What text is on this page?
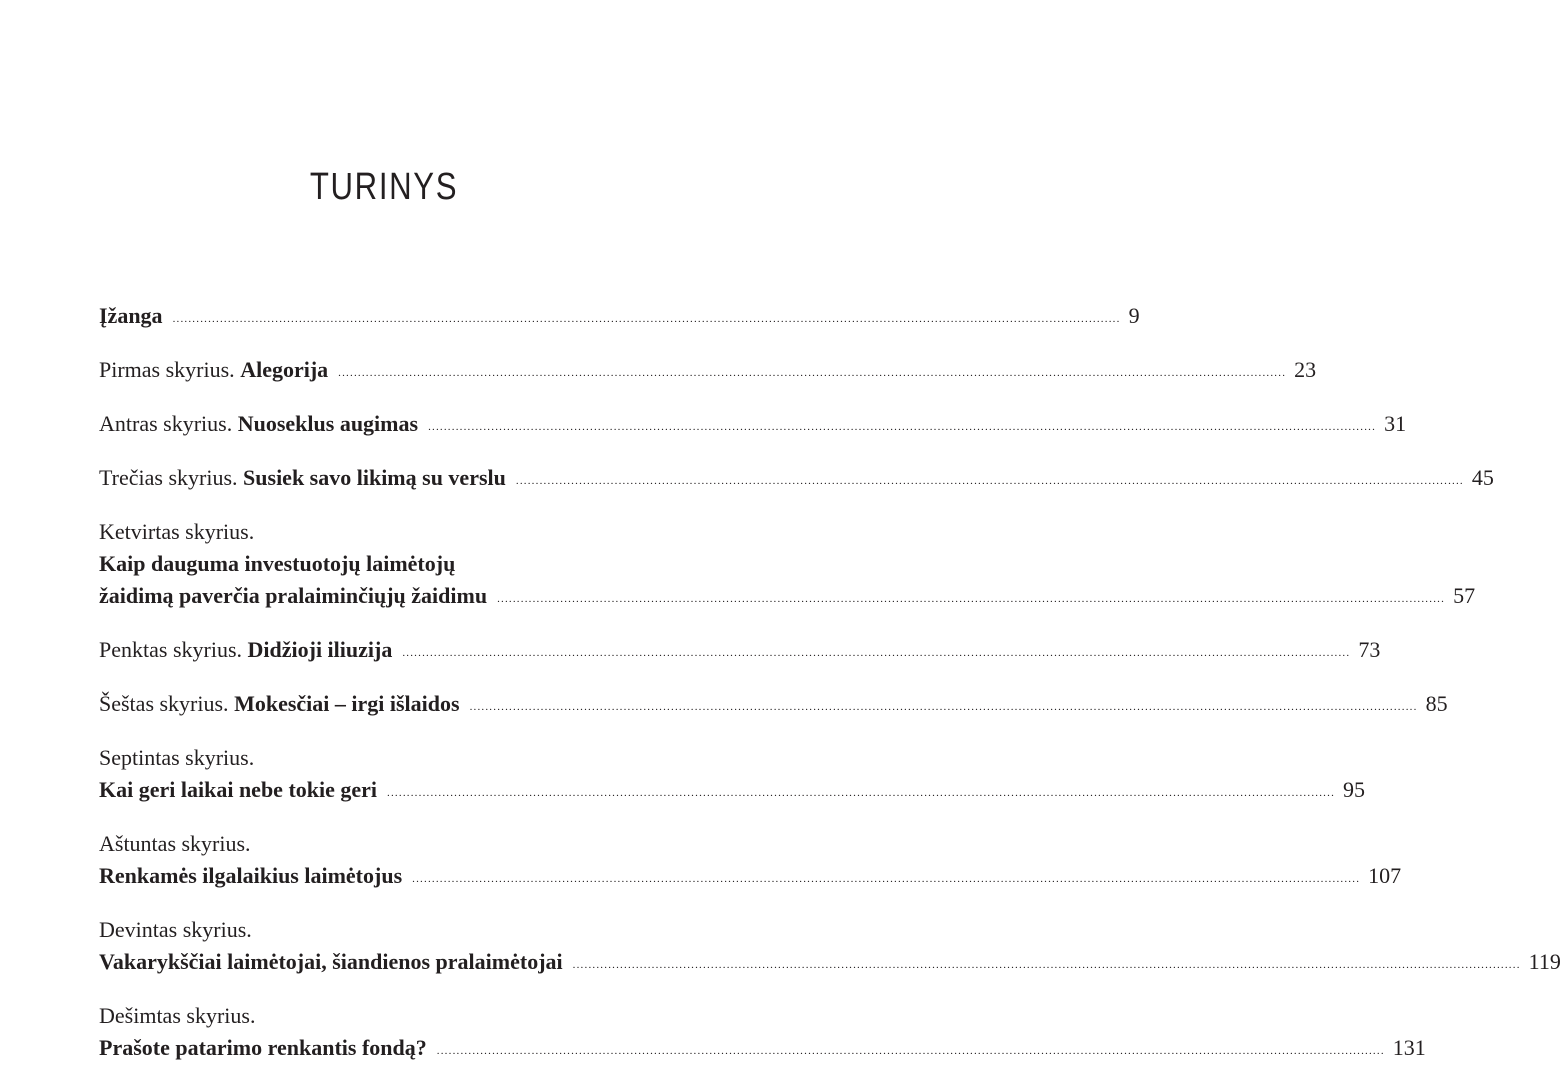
TURINYS
Įžanga ................................................................................................................................................................................................................................................ 9
Pirmas skyrius. Alegorija ................................................................................................................................................................................................................................................ 23
Antras skyrius. Nuoseklus augimas ................................................................................................................................................................................................................................................ 31
Trečias skyrius. Susiek savo likimą su verslu ................................................................................................................................................................................................................................................ 45
Ketvirtas skyrius.
Kaip dauguma investuotojų laimėtojų
žaidimą paverčia pralaiminčiųjų žaidimu ................................................................................................................................................................................................................................................ 57
Penktas skyrius. Didžioji iliuzija ................................................................................................................................................................................................................................................ 73
Šeštas skyrius. Mokesčiai – irgi išlaidos ................................................................................................................................................................................................................................................ 85
Septintas skyrius.
Kai geri laikai nebe tokie geri ................................................................................................................................................................................................................................................ 95
Aštuntas skyrius.
Renkamės ilgalaikius laimėtojus ................................................................................................................................................................................................................................................ 107
Devintas skyrius.
Vakarykščiai laimėtojai, šiandienos pralaimėtojai ................................................................................................................................................................................................................................................ 119
Dešimtas skyrius.
Prašote patarimo renkantis fondą? ................................................................................................................................................................................................................................................ 131
